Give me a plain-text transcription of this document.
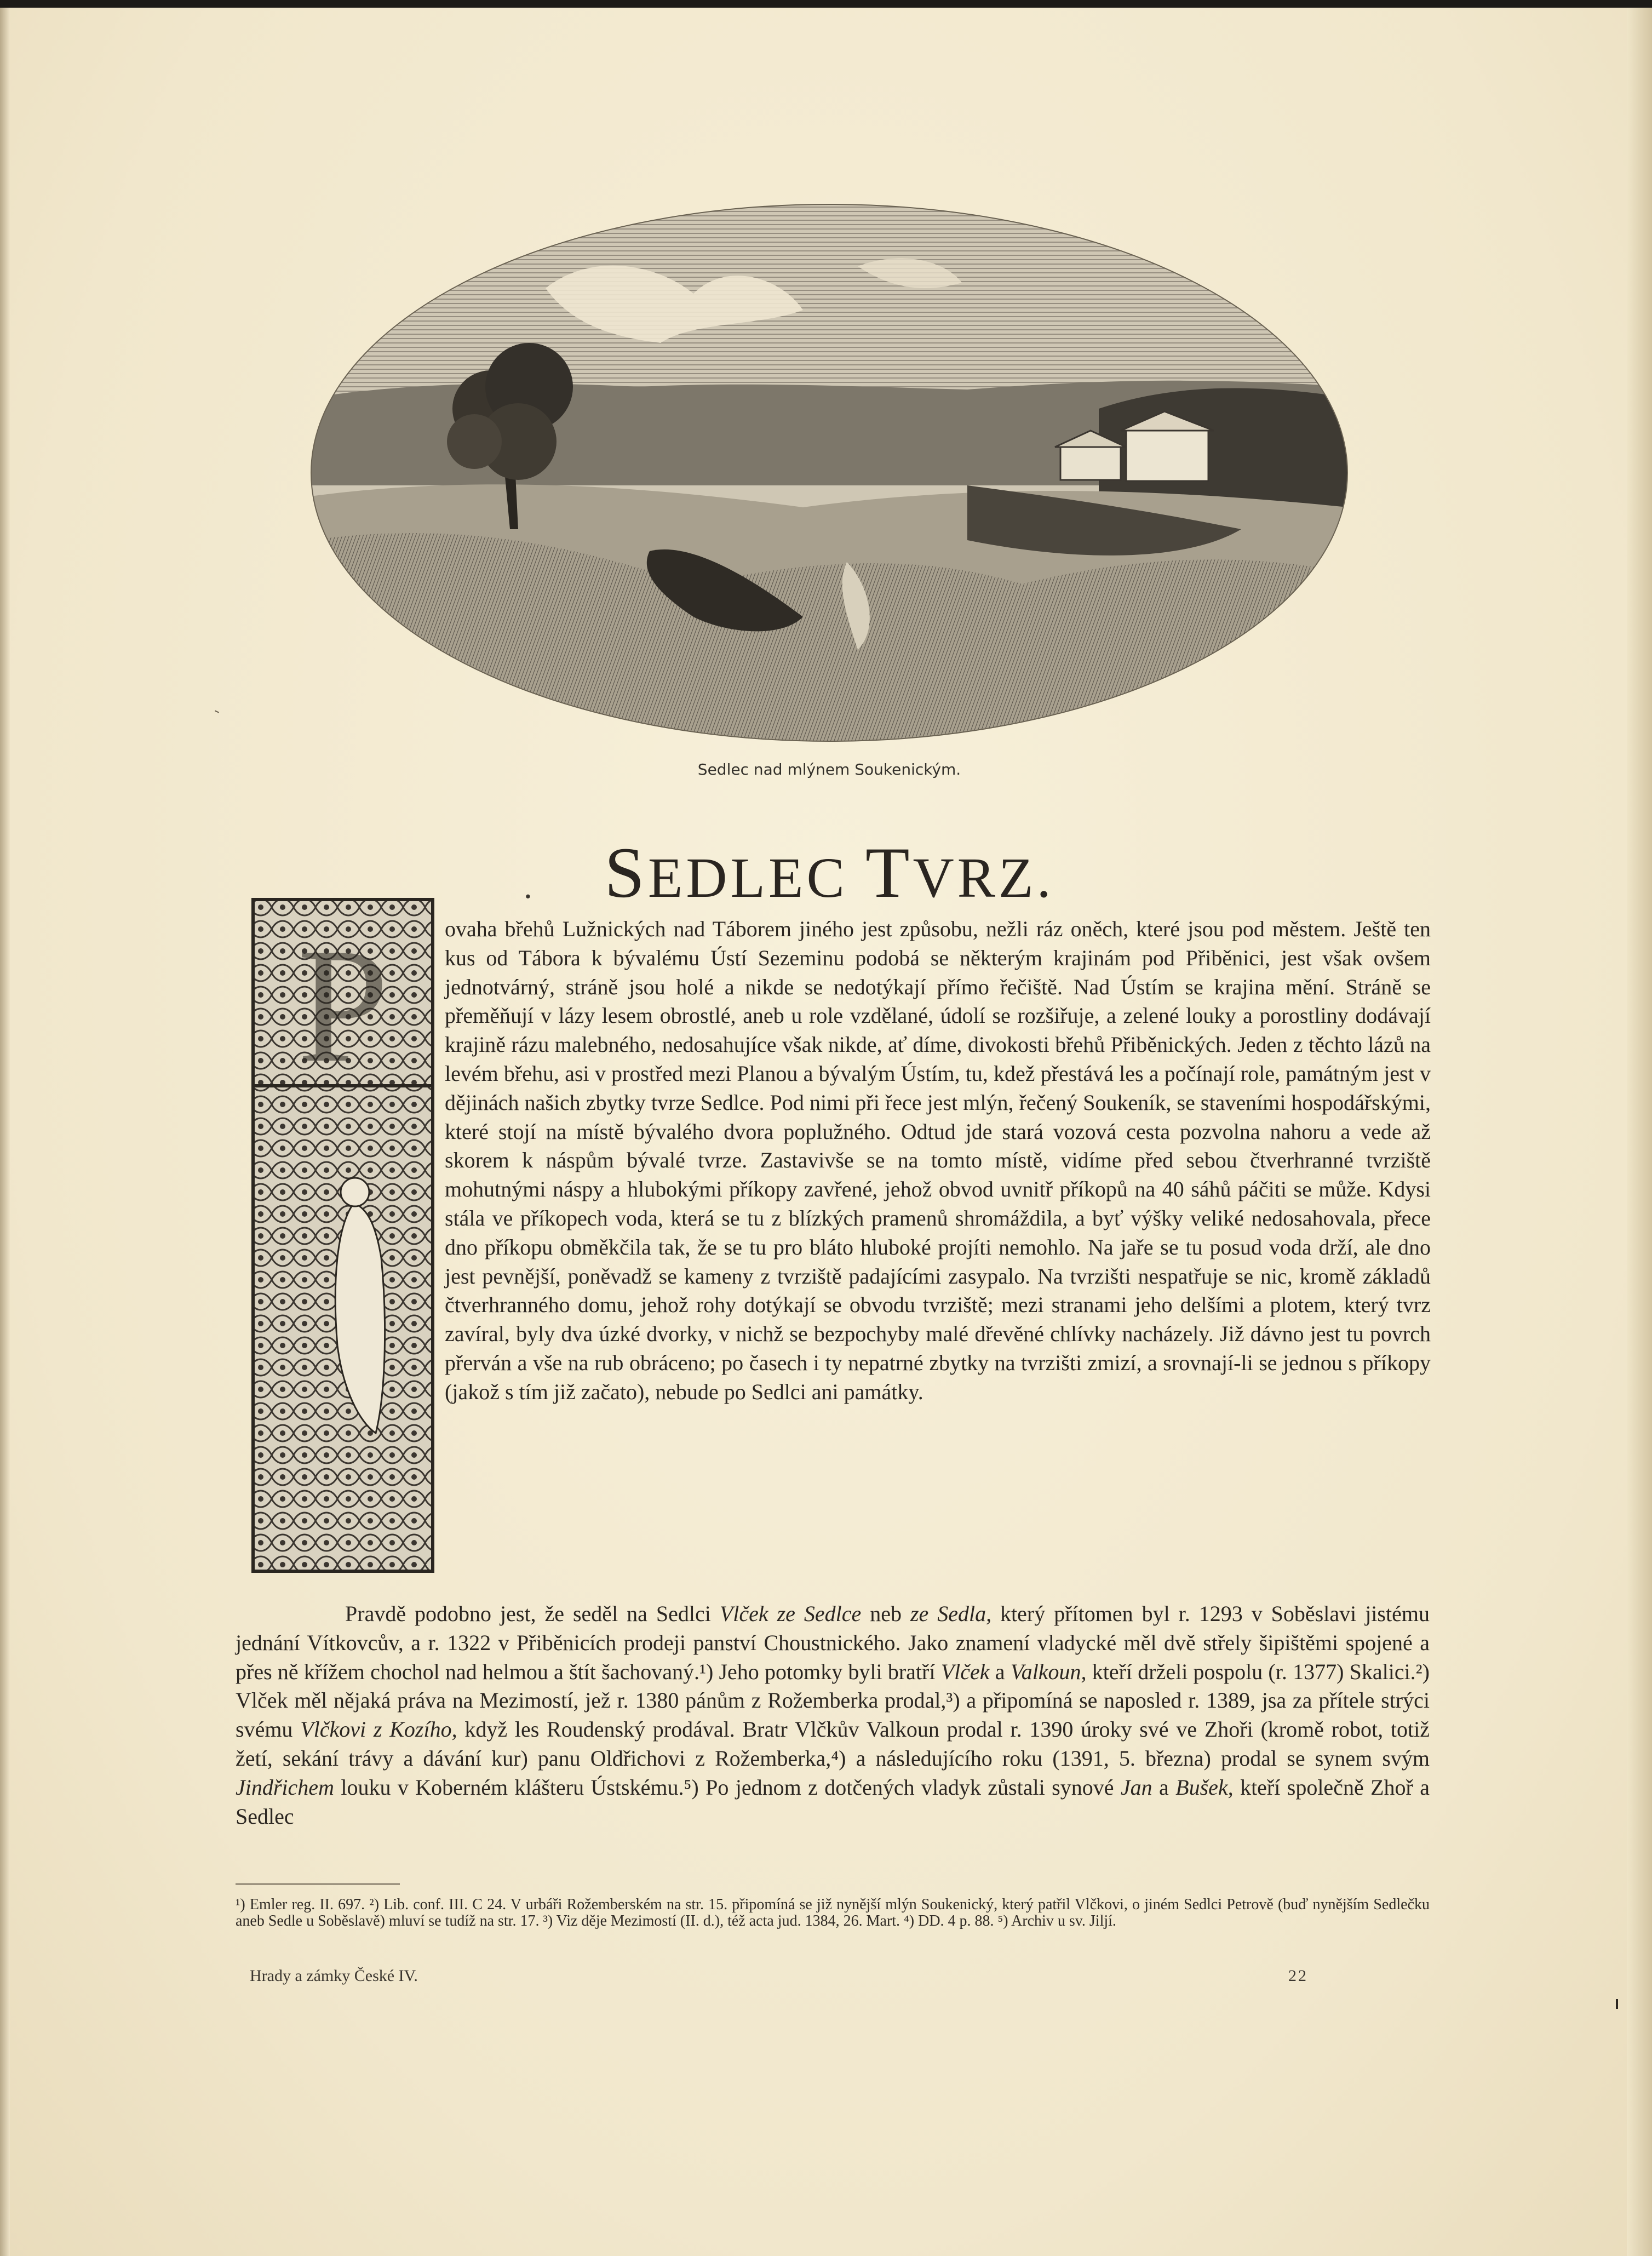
Sedlec nad mlýnem Soukenickým.
. SEDLEC TVRZ.
P	ovaha břehů Lužnických nad Táborem jiného jest způsobu, nežli ráz oněch, které jsou pod městem. Ještě ten kus od Tábora k bývalému Ústí Sezeminu podobá se některým krajinám pod Přiběnici, jest však ovšem jednotvárný, stráně jsou holé a nikde se nedotýkají přímo řečiště. Nad Ústím se krajina mění. Stráně se přeměňují v lázy lesem obrostlé, aneb u role vzdělané, údolí se rozšiřuje, a zelené louky a porostliny dodávají krajině rázu malebného, nedosahujíce však nikde, ať díme, divokosti břehů Přiběnických. Jeden z těchto lázů na levém břehu, asi v prostřed mezi Planou a bývalým Ústím, tu, kdež přestává les a počínají role, památným jest v dějinách našich zbytky tvrze Sedlce. Pod nimi při řece jest mlýn, řečený Soukeník, se staveními hospodářskými, které stojí na místě bývalého dvora poplužného. Odtud jde stará vozová cesta pozvolna nahoru a vede až skorem k náspům bývalé tvrze. Zastavivše se na tomto místě, vidíme před sebou čtverhranné tvrziště mohutnými náspy a hlubokými příkopy zavřené, jehož obvod uvnitř příkopů na 40 sáhů páčiti se může. Kdysi stála ve příkopech voda, která se tu z blízkých pramenů shromáždila, a byť výšky veliké nedosahovala, přece dno příkopu obměkčila tak, že se tu pro bláto hluboké projíti nemohlo. Na jaře se tu posud voda drží, ale dno jest pevnější, poněvadž se kameny z tvrziště padajícími zasypalo. Na tvrzišti nespatřuje se nic, kromě základů čtverhranného domu, jehož rohy dotýkají se obvodu tvrziště; mezi stranami jeho delšími a plotem, který tvrz zavíral, byly dva úzké dvorky, v nichž se bezpochyby malé dřevěné chlívky nacházely. Již dávno jest tu povrch přerván a vše na rub obráceno; po časech i ty nepatrné zbytky na tvrzišti zmizí, a srovnají-li se jednou s příkopy (jakož s tím již začato), nebude po Sedlci ani památky.

Pravdě podobno jest, že seděl na Sedlci Vlček ze Sedlce neb ze Sedla, který přítomen byl r. 1293 v Soběslavi jistému jednání Vítkovcův, a r. 1322 v Přiběnicích prodeji panství Choustnického. Jako znamení vladycké měl dvě střely šipištěmi spojené a přes ně křížem chochol nad helmou a štít šachovaný.¹) Jeho potomky byli bratří Vlček a Valkoun, kteří drželi pospolu (r. 1377) Skalici.²) Vlček měl nějaká práva na Mezimostí, jež r. 1380 pánům z Rožemberka prodal,³) a připomíná se naposled r. 1389, jsa za přítele strýci svému Vlčkovi z Kozího, když les Roudenský prodával. Bratr Vlčkův Valkoun prodal r. 1390 úroky své ve Zhoři (kromě robot, totiž žetí, sekání trávy a dávání kur) panu Oldřichovi z Rožemberka,⁴) a následujícího roku (1391, 5. března) prodal se synem svým Jindřichem louku v Koberném klášteru Ústskému.⁵) Po jednom z dotčených vladyk zůstali synové Jan a Bušek, kteří společně Zhoř a Sedlec
¹) Emler reg. II. 697. ²) Lib. conf. III. C 24. V urbáři Rožemberském na str. 15. připomíná se již nynější mlýn Soukenický, který patřil Vlčkovi, o jiném Sedlci Petrově (buď nynějším Sedlečku aneb Sedle u Soběslavě) mluví se tudíž na str. 17. ³) Viz děje Mezimostí (II. d.), též acta jud. 1384, 26. Mart. ⁴) DD. 4 p. 88. ⁵) Archiv u sv. Jiljí.
Hrady a zámky České IV.	22
